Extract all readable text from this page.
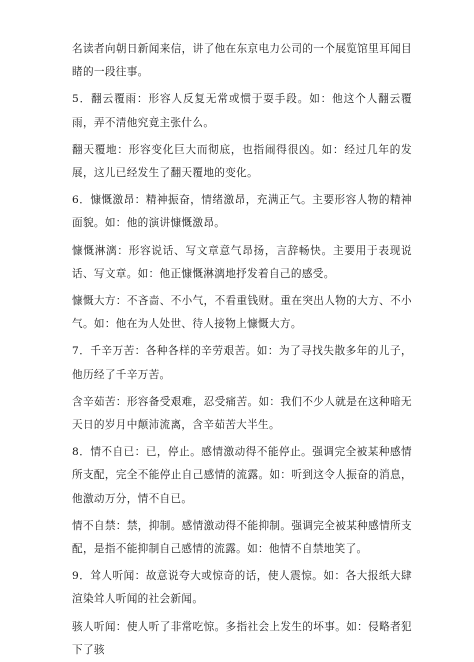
名读者向朝日新闻来信，讲了他在东京电力公司的一个展览馆里耳闻目睹的一段往事。

5．翻云覆雨：形容人反复无常或惯于耍手段。如：他这个人翻云覆雨，弄不清他究竟主张什么。

翻天覆地：形容变化巨大而彻底，也指闹得很凶。如：经过几年的发展，这儿已经发生了翻天覆地的变化。

6．慷慨激昂：精神振奋，情绪激昂，充满正气。主要形容人物的精神面貌。如：他的演讲慷慨激昂。

慷慨淋漓：形容说话、写文章意气昂扬，言辞畅快。主要用于表现说话、写文章。如：他正慷慨淋漓地抒发着自己的感受。

慷慨大方：不吝啬、不小气，不看重钱财。重在突出人物的大方、不小气。如：他在为人处世、待人接物上慷慨大方。

7．千辛万苦：各种各样的辛劳艰苦。如：为了寻找失散多年的儿子，他历经了千辛万苦。

含辛茹苦：形容备受艰难，忍受痛苦。如：我们不少人就是在这种暗无天日的岁月中颠沛流离，含辛茹苦大半生。

8．情不自已：已，停止。感情激动得不能停止。强调完全被某种感情所支配，完全不能停止自己感情的流露。如：听到这令人振奋的消息，他激动万分，情不自已。

情不自禁：禁，抑制。感情激动得不能抑制。强调完全被某种感情所支配，是指不能抑制自己感情的流露。如：他情不自禁地笑了。

9．耸人听闻：故意说夸大或惊奇的话，使人震惊。如：各大报纸大肆渲染耸人听闻的社会新闻。

骇人听闻：使人听了非常吃惊。多指社会上发生的坏事。如：侵略者犯下了骇
